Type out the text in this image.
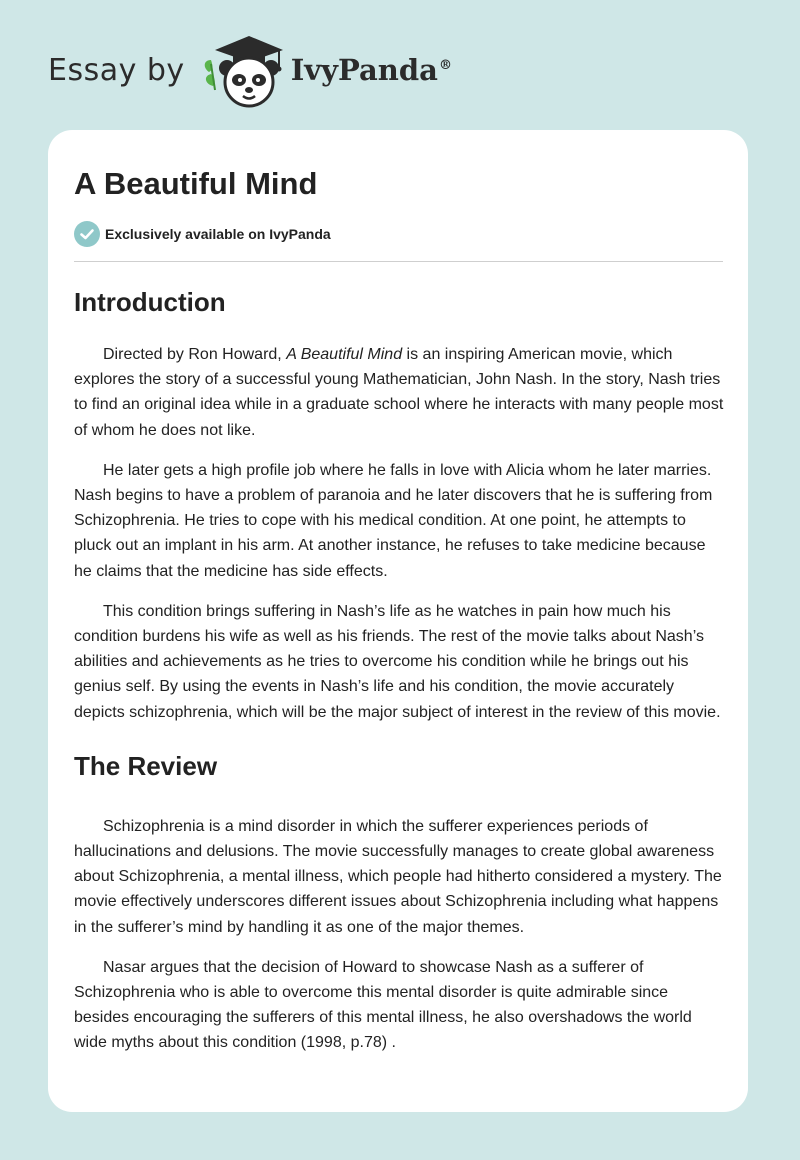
Essay by	IvyPanda®
A Beautiful Mind
Exclusively available on IvyPanda
Introduction

Directed by Ron Howard, A Beautiful Mind is an inspiring American movie, which explores the story of a successful young Mathematician, John Nash. In the story, Nash tries to find an original idea while in a graduate school where he interacts with many people most of whom he does not like.

He later gets a high profile job where he falls in love with Alicia whom he later marries. Nash begins to have a problem of paranoia and he later discovers that he is suffering from Schizophrenia. He tries to cope with his medical condition. At one point, he attempts to pluck out an implant in his arm. At another instance, he refuses to take medicine because he claims that the medicine has side effects.

This condition brings suffering in Nash’s life as he watches in pain how much his condition burdens his wife as well as his friends. The rest of the movie talks about Nash’s abilities and achievements as he tries to overcome his condition while he brings out his genius self. By using the events in Nash’s life and his condition, the movie accurately depicts schizophrenia, which will be the major subject of interest in the review of this movie.

The Review

Schizophrenia is a mind disorder in which the sufferer experiences periods of hallucinations and delusions. The movie successfully manages to create global awareness about Schizophrenia, a mental illness, which people had hitherto considered a mystery. The movie effectively underscores different issues about Schizophrenia including what happens in the sufferer’s mind by handling it as one of the major themes.

Nasar argues that the decision of Howard to showcase Nash as a sufferer of Schizophrenia who is able to overcome this mental disorder is quite admirable since besides encouraging the sufferers of this mental illness, he also overshadows the world wide myths about this condition (1998, p.78) .
